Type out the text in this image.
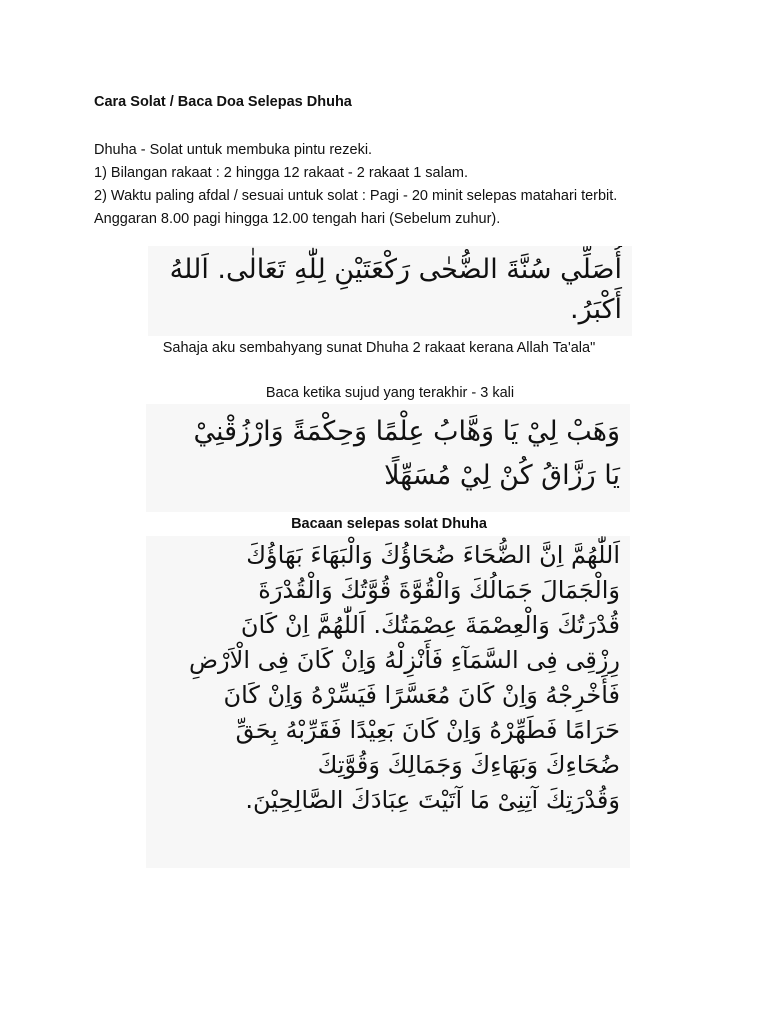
Cara Solat / Baca Doa Selepas Dhuha
Dhuha - Solat untuk membuka pintu rezeki.
1) Bilangan rakaat : 2 hingga 12 rakaat - 2 rakaat 1 salam.
2) Waktu paling afdal / sesuai untuk solat : Pagi - 20 minit selepas matahari terbit.
Anggaran 8.00 pagi hingga 12.00 tengah hari (Sebelum zuhur).
أُصَلِّي سُنَّةَ الضُّحٰى رَكْعَتَيْنِ لِلّٰهِ تَعَالٰى. اَللهُ
أَكْبَرُ.
Sahaja aku sembahyang sunat Dhuha 2 rakaat kerana Allah Ta'ala"
Baca ketika sujud yang terakhir - 3 kali
وَهَبْ لِيْ يَا وَهَّابُ عِلْمًا وَحِكْمَةً وَارْزُقْنِيْ
يَا رَزَّاقُ كُنْ لِيْ مُسَهِّلًا
Bacaan selepas solat Dhuha
اَللّٰهُمَّ اِنَّ الضُّحَاءَ ضُحَاؤُكَ وَالْبَهَاءَ بَهَاؤُكَ
وَالْجَمَالَ جَمَالُكَ وَالْقُوَّةَ قُوَّتُكَ وَالْقُدْرَةَ
قُدْرَتُكَ وَالْعِصْمَةَ عِصْمَتُكَ. اَللّٰهُمَّ اِنْ كَانَ
رِزْقِى فِى السَّمَآءِ فَأَنْزِلْهُ وَاِنْ كَانَ فِى الْاَرْضِ
فَأَخْرِجْهُ وَاِنْ كَانَ مُعَسَّرًا فَيَسِّرْهُ وَاِنْ كَانَ
حَرَامًا فَطَهِّرْهُ وَاِنْ كَانَ بَعِيْدًا فَقَرِّبْهُ بِحَقِّ
ضُحَاءِكَ وَبَهَاءِكَ وَجَمَالِكَ وَقُوَّتِكَ
وَقُدْرَتِكَ آتِنِىْ مَا آتَيْتَ عِبَادَكَ الصَّالِحِيْنَ.
